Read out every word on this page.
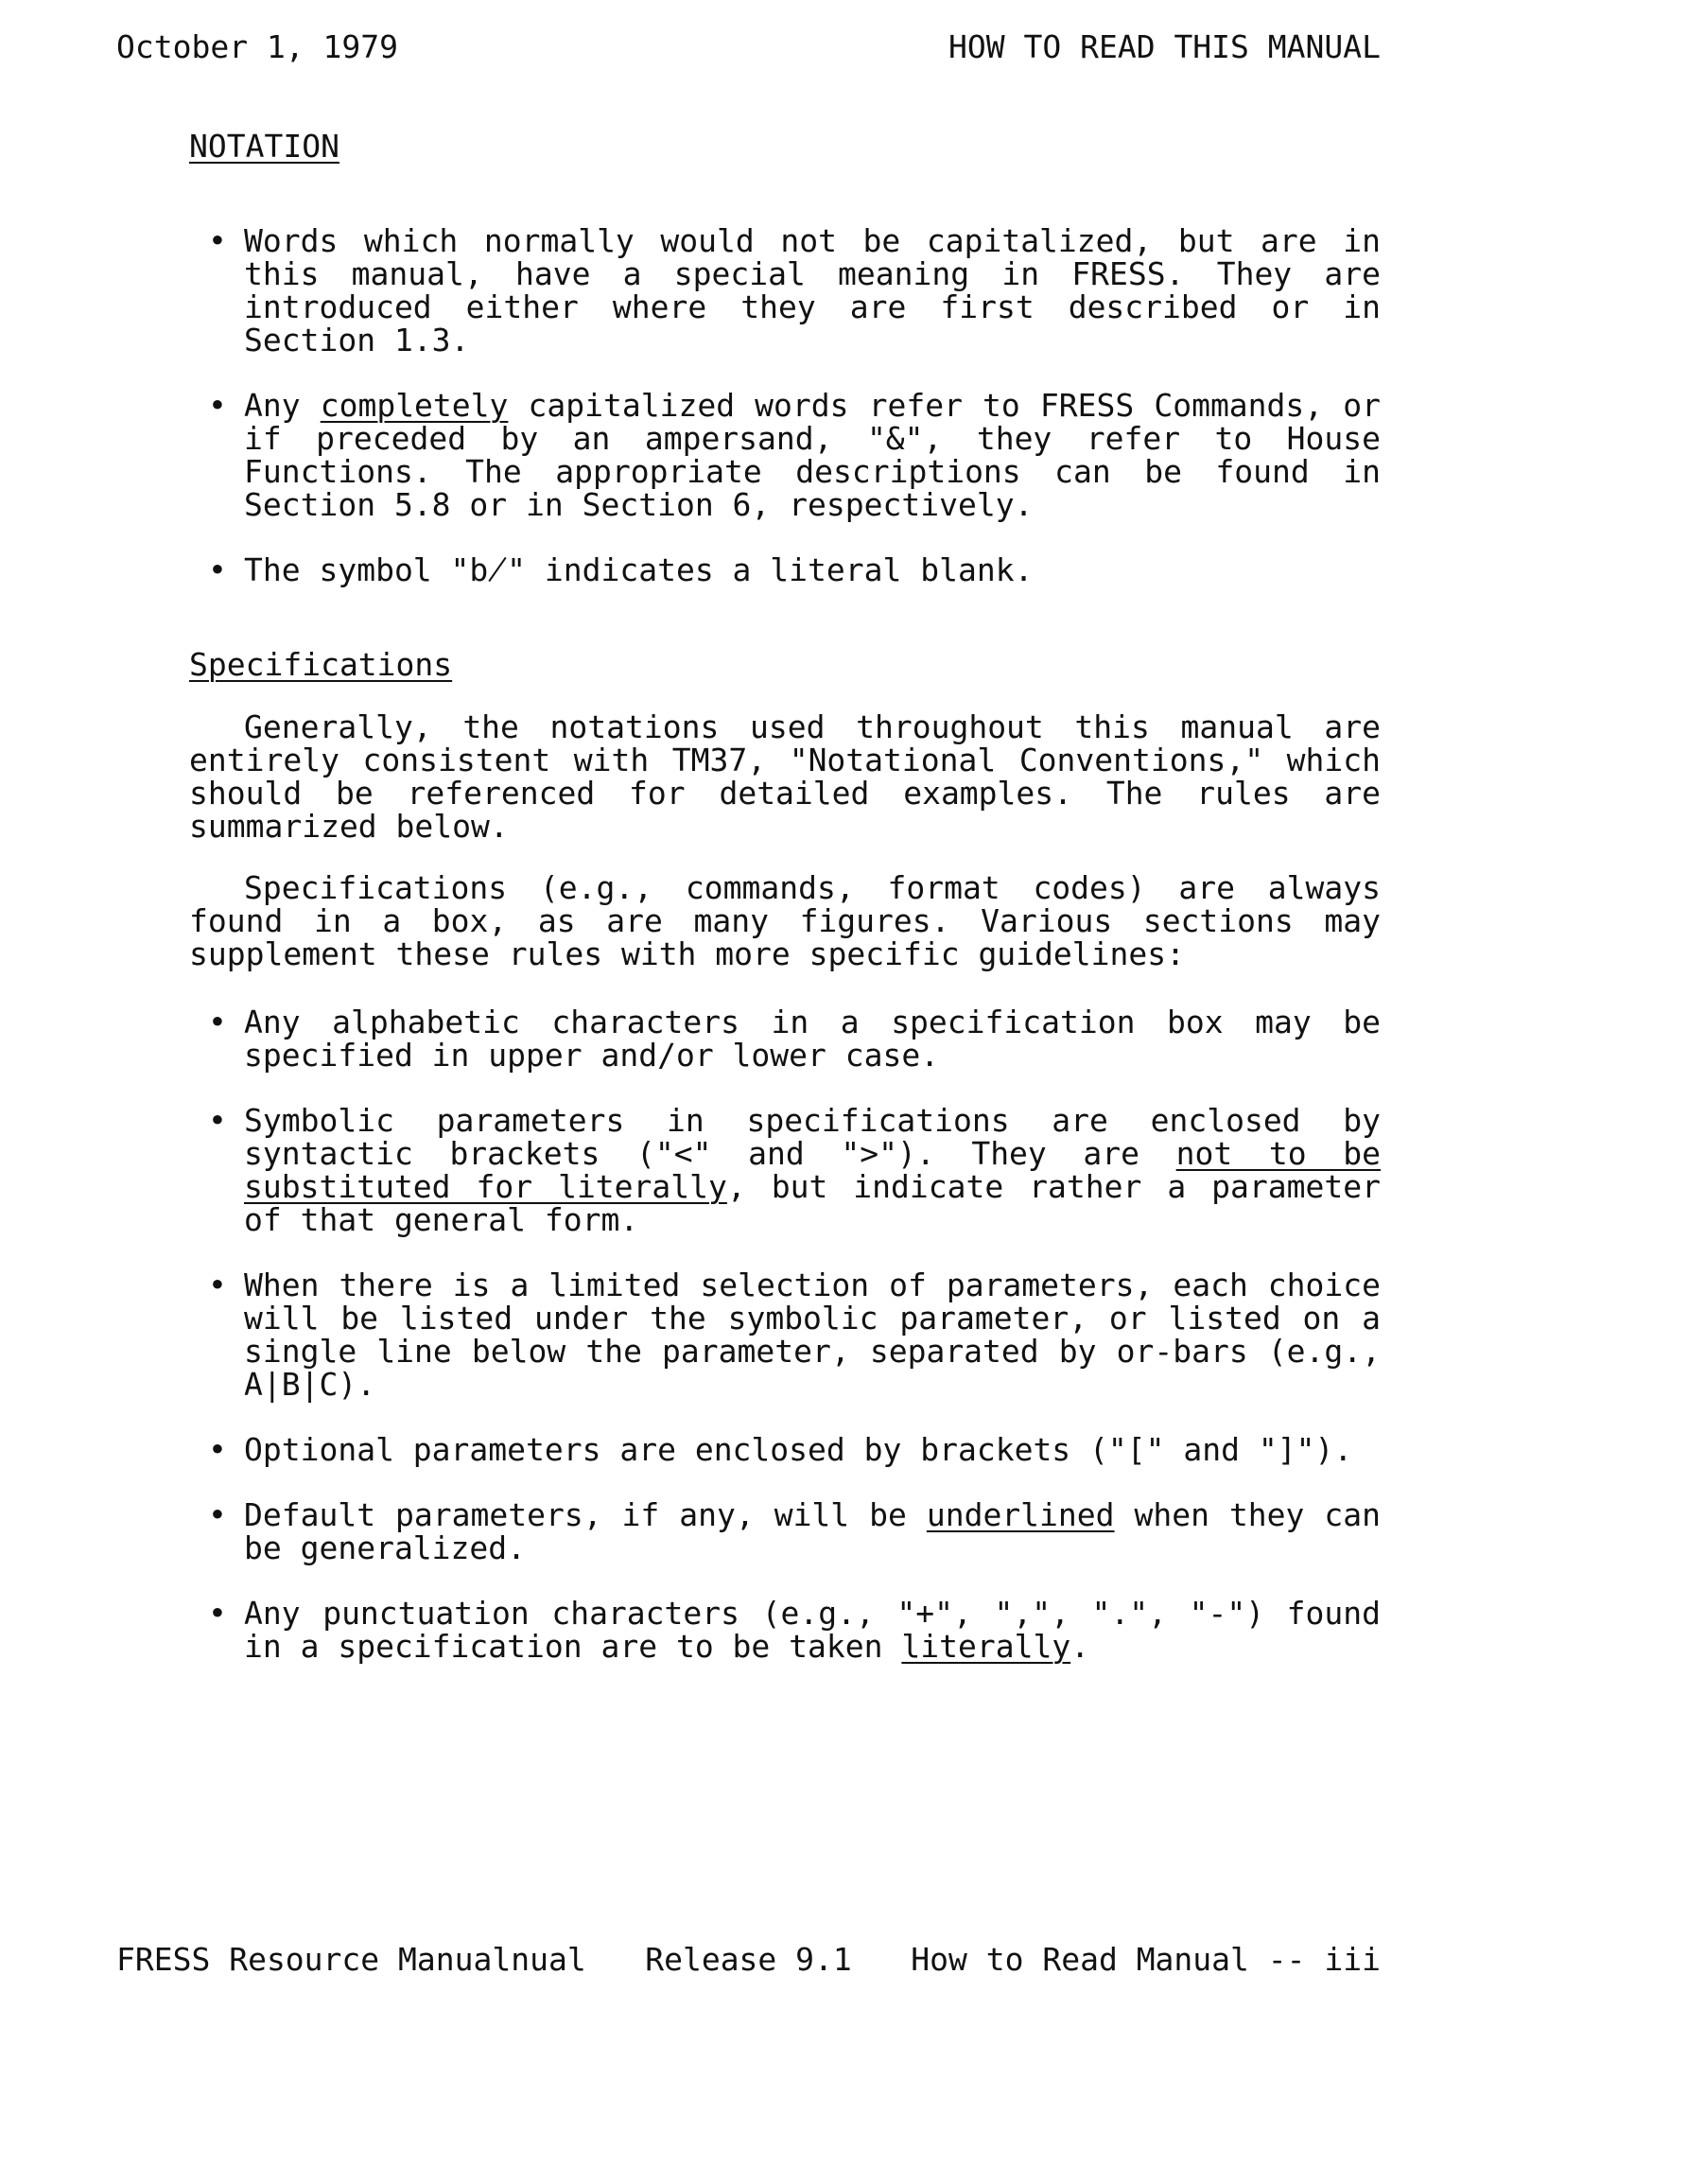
October 1, 1979	HOW TO READ THIS MANUAL
NOTATION
• Words which normally would not be capitalized, but are in this manual, have a special meaning in FRESS. They are introduced either where they are first described or in Section 1.3.
• Any completely capitalized words refer to FRESS Commands, or if preceded by an ampersand, "&", they refer to House Functions. The appropriate descriptions can be found in Section 5.8 or in Section 6, respectively.
• The symbol "b̸" indicates a literal blank.
Specifications

Generally, the notations used throughout this manual are entirely consistent with TM37, "Notational Conventions," which should be referenced for detailed examples. The rules are summarized below.

Specifications (e.g., commands, format codes) are always found in a box, as are many figures. Various sections may supplement these rules with more specific guidelines:

• Any alphabetic characters in a specification box may be specified in upper and/or lower case.
• Symbolic parameters in specifications are enclosed by syntactic brackets ("<" and ">"). They are not to be substituted for literally, but indicate rather a parameter of that general form.
• When there is a limited selection of parameters, each choice will be listed under the symbolic parameter, or listed on a single line below the parameter, separated by or-bars (e.g., A|B|C).
• Optional parameters are enclosed by brackets ("[" and "]").
• Default parameters, if any, will be underlined when they can be generalized.
• Any punctuation characters (e.g., "+", ",", ".", "-") found in a specification are to be taken literally.
FRESS Resource Manualnual Release 9.1 How to Read Manual -- iii
